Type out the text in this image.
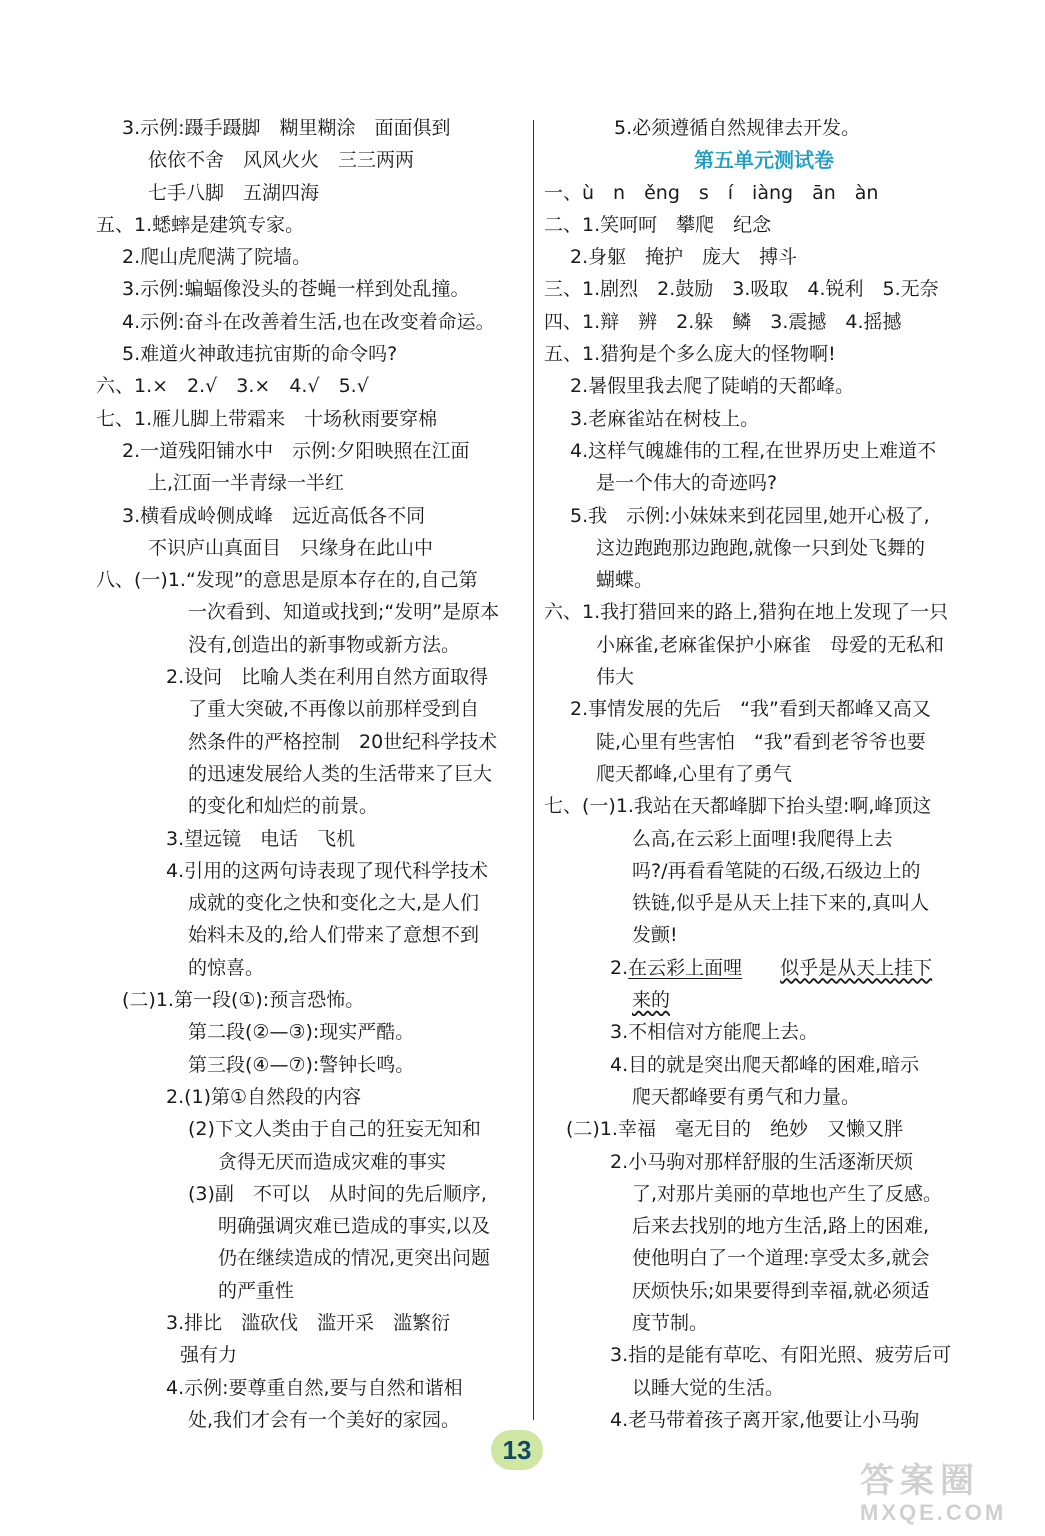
3.示例:蹑手蹑脚　糊里糊涂　面面俱到
依依不舍　风风火火　三三两两
七手八脚　五湖四海
五、1.蟋蟀是建筑专家。
2.爬山虎爬满了院墙。
3.示例:蝙蝠像没头的苍蝇一样到处乱撞。
4.示例:奋斗在改善着生活,也在改变着命运。
5.难道火神敢违抗宙斯的命令吗?
六、1.×　2.√　3.×　4.√　5.√
七、1.雁儿脚上带霜来　十场秋雨要穿棉
2.一道残阳铺水中　示例:夕阳映照在江面
上,江面一半青绿一半红
3.横看成岭侧成峰　远近高低各不同
不识庐山真面目　只缘身在此山中
八、(一)1.“发现”的意思是原本存在的,自己第
一次看到、知道或找到;“发明”是原本
没有,创造出的新事物或新方法。
2.设问　比喻人类在利用自然方面取得
了重大突破,不再像以前那样受到自
然条件的严格控制　20世纪科学技术
的迅速发展给人类的生活带来了巨大
的变化和灿烂的前景。
3.望远镜　电话　飞机
4.引用的这两句诗表现了现代科学技术
成就的变化之快和变化之大,是人们
始料未及的,给人们带来了意想不到
的惊喜。
(二)1.第一段(①):预言恐怖。
第二段(②—③):现实严酷。
第三段(④—⑦):警钟长鸣。
2.(1)第①自然段的内容
(2)下文人类由于自己的狂妄无知和
贪得无厌而造成灾难的事实
(3)副　不可以　从时间的先后顺序,
明确强调灾难已造成的事实,以及
仍在继续造成的情况,更突出问题
的严重性
3.排比　滥砍伐　滥开采　滥繁衍
强有力
4.示例:要尊重自然,要与自然和谐相
处,我们才会有一个美好的家园。
5.必须遵循自然规律去开发。
第五单元测试卷
一、ù　n　ěng　s　í　iàng　ān　àn
二、1.笑呵呵　攀爬　纪念
2.身躯　掩护　庞大　搏斗
三、1.剧烈　2.鼓励　3.吸取　4.锐利　5.无奈
四、1.辩　辨　2.躲　鳞　3.震撼　4.摇撼
五、1.猎狗是个多么庞大的怪物啊!
2.暑假里我去爬了陡峭的天都峰。
3.老麻雀站在树枝上。
4.这样气魄雄伟的工程,在世界历史上难道不
是一个伟大的奇迹吗?
5.我　示例:小妹妹来到花园里,她开心极了,
这边跑跑那边跑跑,就像一只到处飞舞的
蝴蝶。
六、1.我打猎回来的路上,猎狗在地上发现了一只
小麻雀,老麻雀保护小麻雀　母爱的无私和
伟大
2.事情发展的先后　“我”看到天都峰又高又
陡,心里有些害怕　“我”看到老爷爷也要
爬天都峰,心里有了勇气
七、(一)1.我站在天都峰脚下抬头望:啊,峰顶这
么高,在云彩上面哩!我爬得上去
吗?/再看看笔陡的石级,石级边上的
铁链,似乎是从天上挂下来的,真叫人
发颤!
2.在云彩上面哩　　 似乎是从天上挂下
来的
3.不相信对方能爬上去。
4.目的就是突出爬天都峰的困难,暗示
爬天都峰要有勇气和力量。
(二)1.幸福　毫无目的　绝妙　又懒又胖
2.小马驹对那样舒服的生活逐渐厌烦
了,对那片美丽的草地也产生了反感。
后来去找别的地方生活,路上的困难,
使他明白了一个道理:享受太多,就会
厌烦快乐;如果要得到幸福,就必须适
度节制。
3.指的是能有草吃、有阳光照、疲劳后可
以睡大觉的生活。
4.老马带着孩子离开家,他要让小马驹
13
答案圈
MXQE.COM
